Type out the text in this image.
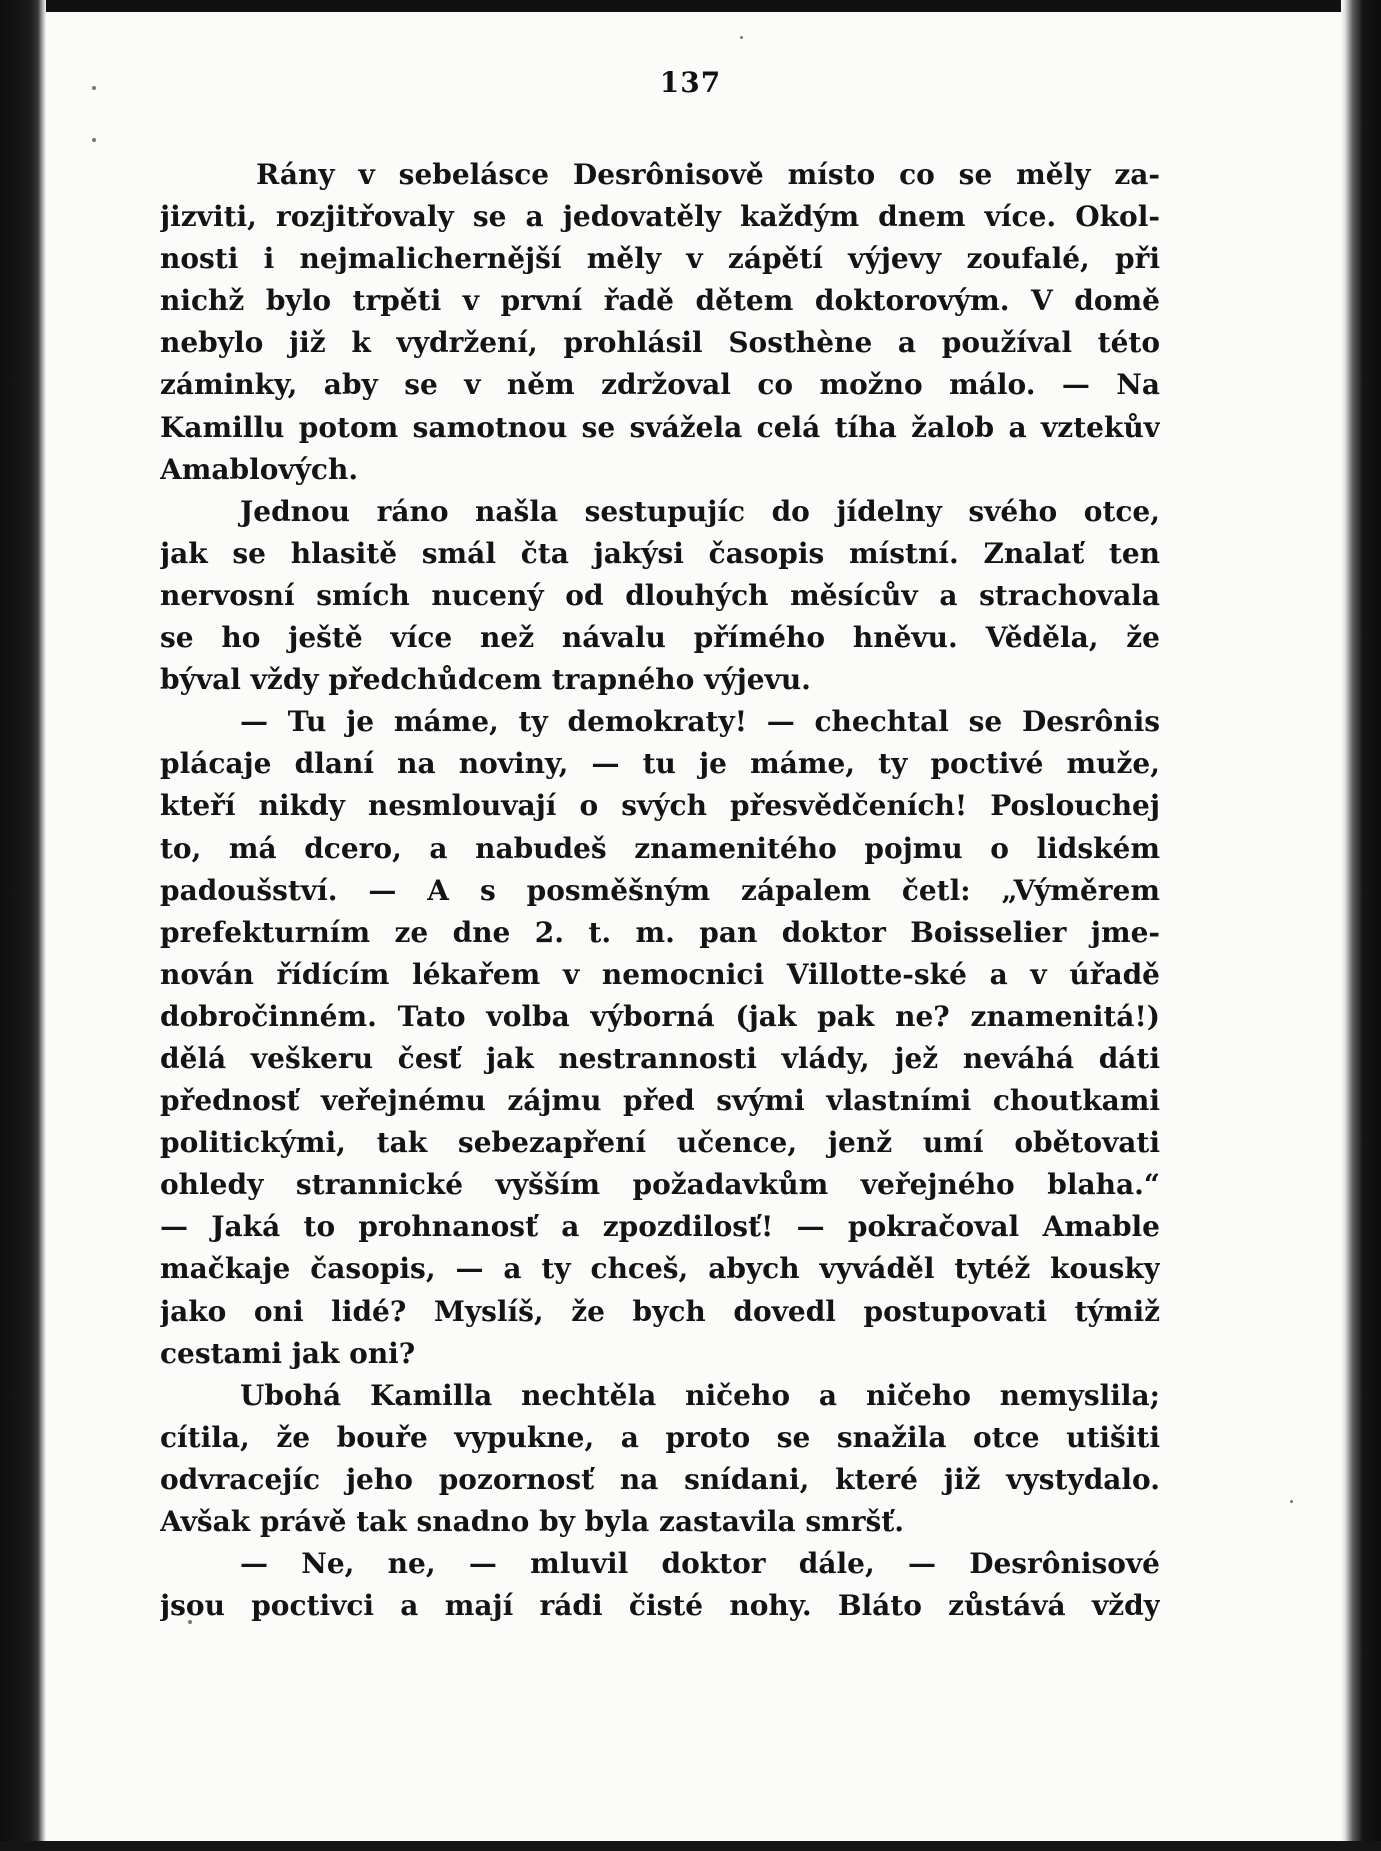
137
Rány v sebelásce Desrônisově místo co se měly za-
jizviti, rozjitřovaly se a jedovatěly každým dnem více. Okol-
nosti i nejmalichernější měly v zápětí výjevy zoufalé, při
nichž bylo trpěti v první řadě dětem doktorovým. V domě
nebylo již k vydržení, prohlásil Sosthène a používal této
záminky, aby se v něm zdržoval co možno málo. — Na
Kamillu potom samotnou se svážela celá tíha žalob a vztekův
Amablových.
Jednou ráno našla sestupujíc do jídelny svého otce,
jak se hlasitě smál čta jakýsi časopis místní. Znalať ten
nervosní smích nucený od dlouhých měsícův a strachovala
se ho ještě více než návalu přímého hněvu. Věděla, že
býval vždy předchůdcem trapného výjevu.
— Tu je máme, ty demokraty! — chechtal se Desrônis
plácaje dlaní na noviny, — tu je máme, ty poctivé muže,
kteří nikdy nesmlouvají o svých přesvědčeních! Poslouchej
to, má dcero, a nabudeš znamenitého pojmu o lidském
padoušství. — A s posměšným zápalem četl: „Výměrem
prefekturním ze dne 2. t. m. pan doktor Boisselier jme-
nován řídícím lékařem v nemocnici Villotte-ské a v úřadě
dobročinném. Tato volba výborná (jak pak ne? znamenitá!)
dělá veškeru česť jak nestrannosti vlády, jež neváhá dáti
přednosť veřejnému zájmu před svými vlastními choutkami
politickými, tak sebezapření učence, jenž umí obětovati
ohledy strannické vyšším požadavkům veřejného blaha.“
— Jaká to prohnanosť a zpozdilosť! — pokračoval Amable
mačkaje časopis, — a ty chceš, abych vyváděl tytéž kousky
jako oni lidé? Myslíš, že bych dovedl postupovati týmiž
cestami jak oni?
Ubohá Kamilla nechtěla ničeho a ničeho nemyslila;
cítila, že bouře vypukne, a proto se snažila otce utišiti
odvracejíc jeho pozornosť na snídani, které již vystydalo.
Avšak právě tak snadno by byla zastavila smršť.
— Ne, ne, — mluvil doktor dále, — Desrônisové
jsou poctivci a mají rádi čisté nohy. Bláto zůstává vždy
